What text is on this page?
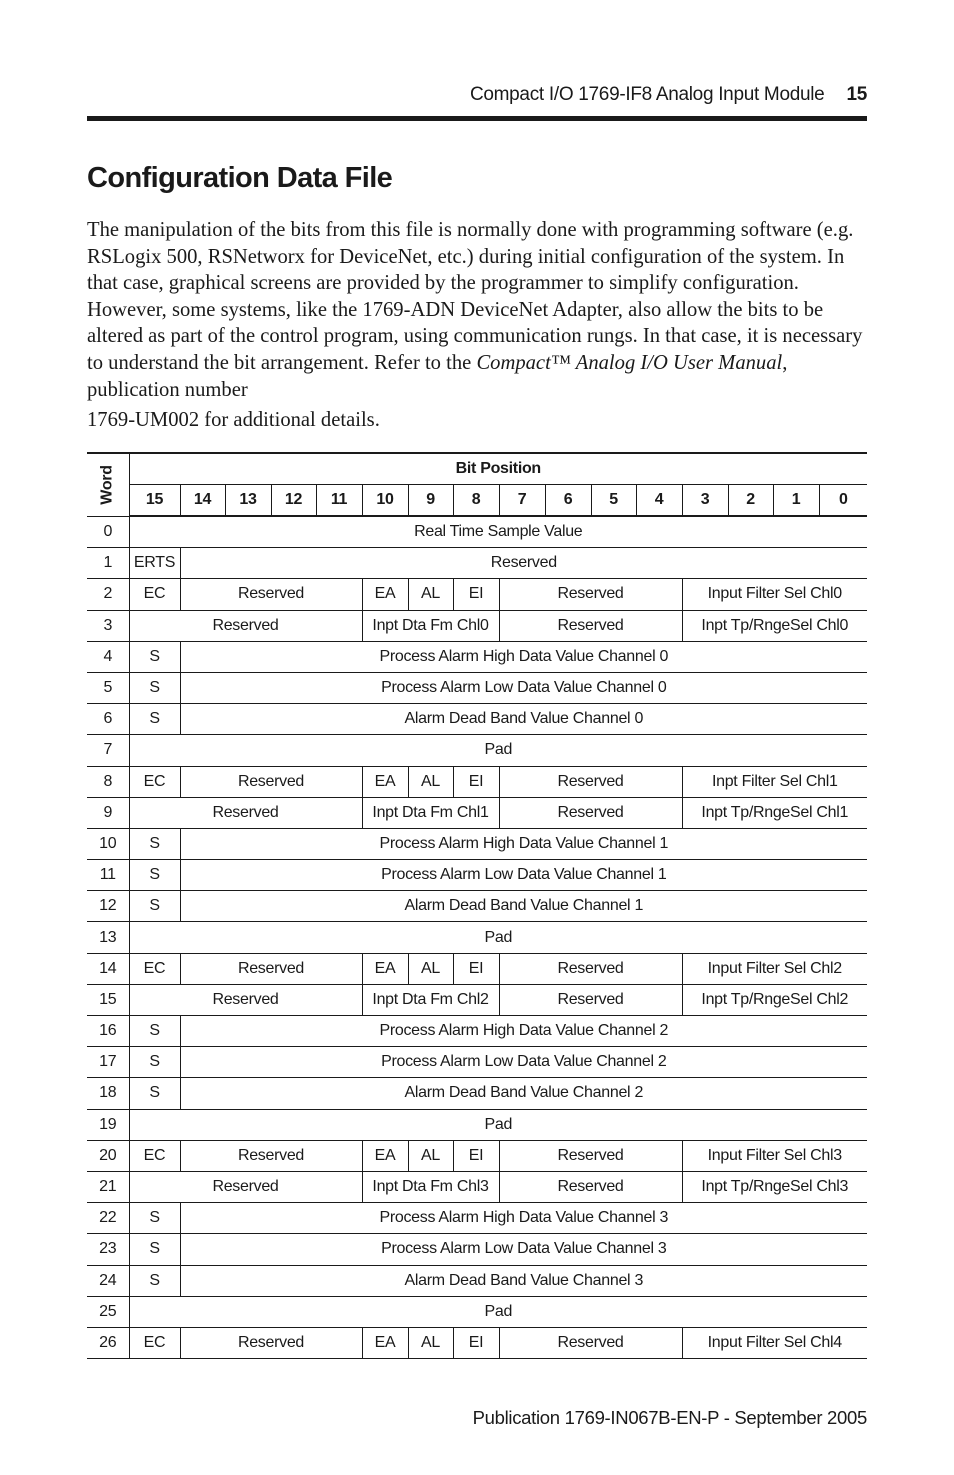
Compact I/O 1769-IF8 Analog Input Module 15
Configuration Data File

The manipulation of the bits from this file is normally done with programming software (e.g. RSLogix 500, RSNetworx for DeviceNet, etc.) during initial configuration of the system. In that case, graphical screens are provided by the programmer to simplify configuration. However, some systems, like the 1769-ADN DeviceNet Adapter, also allow the bits to be altered as part of the control program, using communication rungs. In that case, it is necessary to understand the bit arrangement. Refer to the Compact™ Analog I/O User Manual, publication number
1769-UM002 for additional details.

Word	Bit Position															
	15	14	13	12	11	10	9	8	7	6	5	4	3	2	1	0
0	Real Time Sample Value															
1	ERTS	Reserved														
2	EC	Reserved				EA	AL	EI	Reserved				Input Filter Sel Chl0			
3	Reserved					Inpt Dta Fm Chl0			Reserved				Inpt Tp/RngeSel Chl0			
4	S	Process Alarm High Data Value Channel 0														
5	S	Process Alarm Low Data Value Channel 0														
6	S	Alarm Dead Band Value Channel 0														
7	Pad															
8	EC	Reserved				EA	AL	EI	Reserved				Inpt Filter Sel Chl1			
9	Reserved					Inpt Dta Fm Chl1			Reserved				Inpt Tp/RngeSel Chl1			
10	S	Process Alarm High Data Value Channel 1														
11	S	Process Alarm Low Data Value Channel 1														
12	S	Alarm Dead Band Value Channel 1														
13	Pad															
14	EC	Reserved				EA	AL	EI	Reserved				Input Filter Sel Chl2			
15	Reserved					Inpt Dta Fm Chl2			Reserved				Inpt Tp/RngeSel Chl2			
16	S	Process Alarm High Data Value Channel 2														
17	S	Process Alarm Low Data Value Channel 2														
18	S	Alarm Dead Band Value Channel 2														
19	Pad															
20	EC	Reserved				EA	AL	EI	Reserved				Input Filter Sel Chl3			
21	Reserved					Inpt Dta Fm Chl3			Reserved				Inpt Tp/RngeSel Chl3			
22	S	Process Alarm High Data Value Channel 3														
23	S	Process Alarm Low Data Value Channel 3														
24	S	Alarm Dead Band Value Channel 3														
25	Pad															
26	EC	Reserved				EA	AL	EI	Reserved				Input Filter Sel Chl4			
Publication 1769-IN067B-EN-P - September 2005
